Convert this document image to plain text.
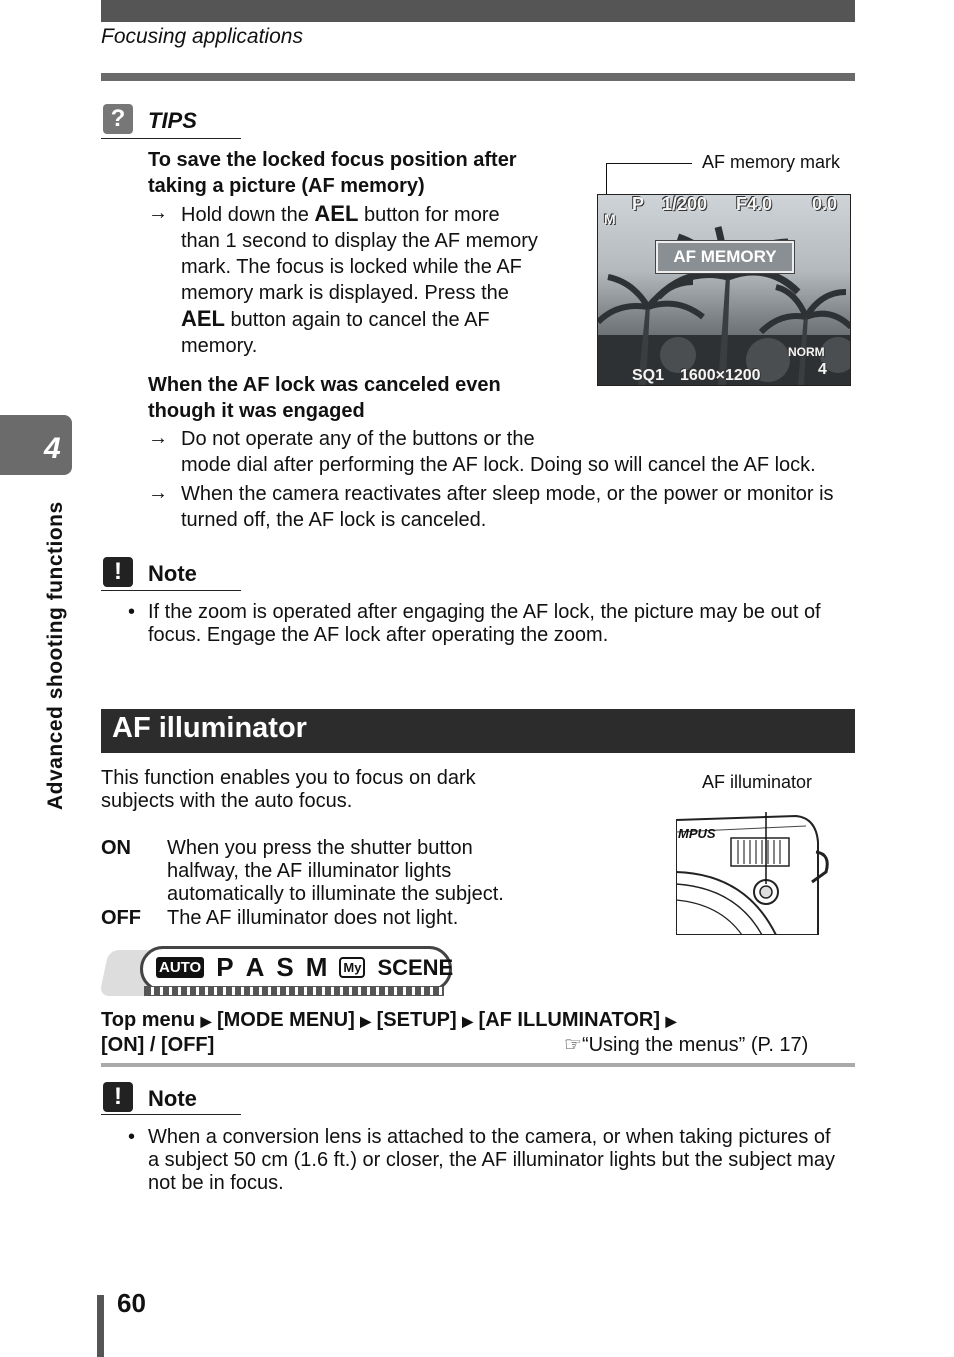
Focusing applications
4
Advanced shooting functions
?	TIPS
To save the locked focus position after
taking a picture (AF memory)
→ Hold down the AEL button for more
than 1 second to display the AF memory
mark. The focus is locked while the AF
memory mark is displayed. Press the
AEL button again to cancel the AF
memory.
When the AF lock was canceled even
though it was engaged
→ Do not operate any of the buttons or the
mode dial after performing the AF lock. Doing so will cancel the AF lock.
→ When the camera reactivates after sleep mode, or the power or monitor is
turned off, the AF lock is canceled.
AF memory mark
M
P 1/200 F4.0 0.0
AF MEMORY
NORM
4
SQ1 1600×1200
!	Note
• If the zoom is operated after engaging the AF lock, the picture may be out of
focus. Engage the AF lock after operating the zoom.
AF illuminator
This function enables you to focus on dark
subjects with the auto focus.
ON When you press the shutter button
halfway, the AF illuminator lights
automatically to illuminate the subject.
OFF The AF illuminator does not light.
AF illuminator
MPUS
AUTO P A S M	My SCENE
Top menu ▶ [MODE MENU] ▶ [SETUP] ▶ [AF ILLUMINATOR] ▶
[ON] / [OFF]	☞“Using the menus” (P. 17)
!	Note
• When a conversion lens is attached to the camera, or when taking pictures of
a subject 50 cm (1.6 ft.) or closer, the AF illuminator lights but the subject may
not be in focus.
60
